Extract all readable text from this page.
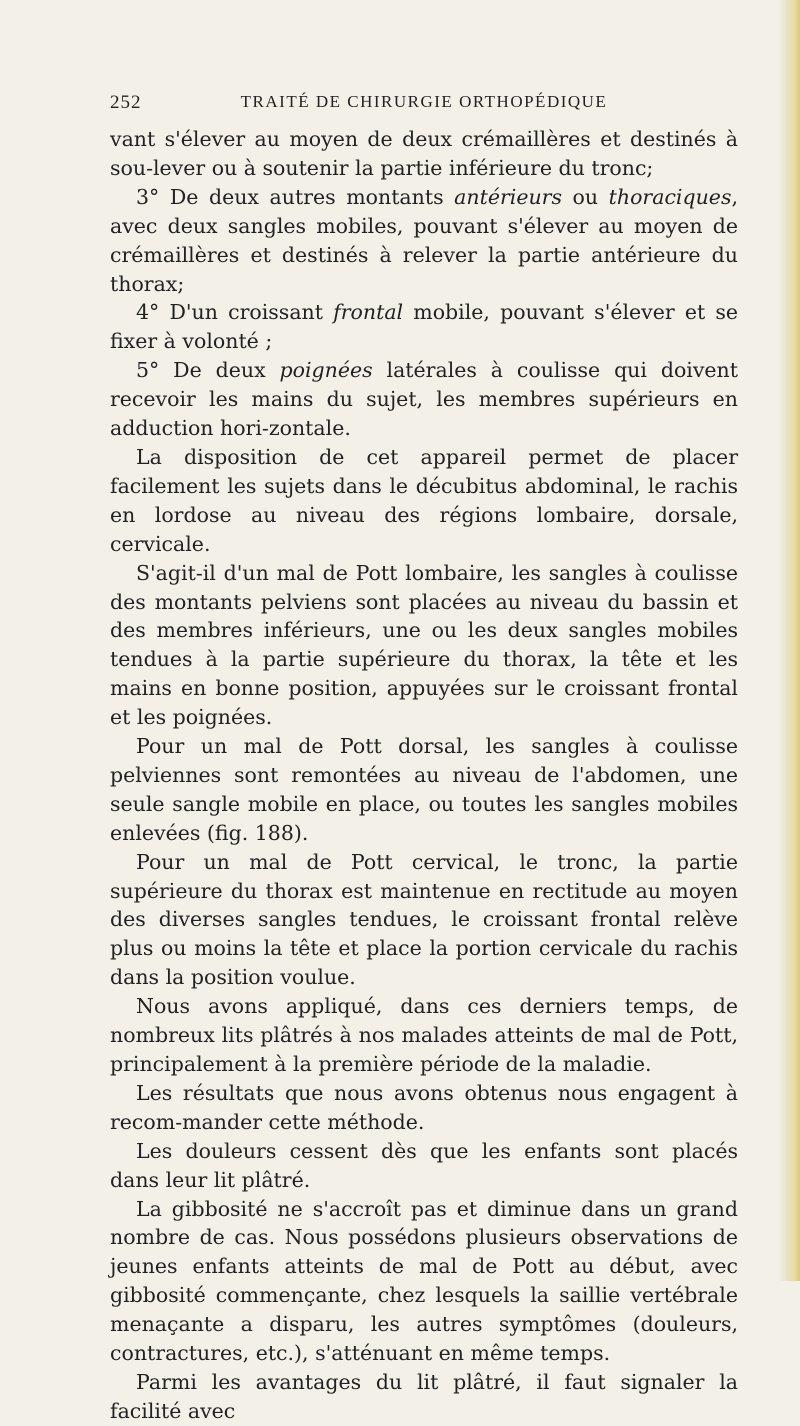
252	TRAITÉ DE CHIRURGIE ORTHOPÉDIQUE

vant s'élever au moyen de deux crémaillères et destinés à sou-lever ou à soutenir la partie inférieure du tronc;

3° De deux autres montants antérieurs ou thoraciques, avec deux sangles mobiles, pouvant s'élever au moyen de crémaillères et destinés à relever la partie antérieure du thorax;

4° D'un croissant frontal mobile, pouvant s'élever et se fixer à volonté ;

5° De deux poignées latérales à coulisse qui doivent recevoir les mains du sujet, les membres supérieurs en adduction hori-zontale.

La disposition de cet appareil permet de placer facilement les sujets dans le décubitus abdominal, le rachis en lordose au niveau des régions lombaire, dorsale, cervicale.

S'agit-il d'un mal de Pott lombaire, les sangles à coulisse des montants pelviens sont placées au niveau du bassin et des membres inférieurs, une ou les deux sangles mobiles tendues à la partie supérieure du thorax, la tête et les mains en bonne position, appuyées sur le croissant frontal et les poignées.

Pour un mal de Pott dorsal, les sangles à coulisse pelviennes sont remontées au niveau de l'abdomen, une seule sangle mobile en place, ou toutes les sangles mobiles enlevées (fig. 188).

Pour un mal de Pott cervical, le tronc, la partie supérieure du thorax est maintenue en rectitude au moyen des diverses sangles tendues, le croissant frontal relève plus ou moins la tête et place la portion cervicale du rachis dans la position voulue.

Nous avons appliqué, dans ces derniers temps, de nombreux lits plâtrés à nos malades atteints de mal de Pott, principalement à la première période de la maladie.

Les résultats que nous avons obtenus nous engagent à recom-mander cette méthode.

Les douleurs cessent dès que les enfants sont placés dans leur lit plâtré.

La gibbosité ne s'accroît pas et diminue dans un grand nombre de cas. Nous possédons plusieurs observations de jeunes enfants atteints de mal de Pott au début, avec gibbosité commençante, chez lesquels la saillie vertébrale menaçante a disparu, les autres symptômes (douleurs, contractures, etc.), s'atténuant en même temps.

Parmi les avantages du lit plâtré, il faut signaler la facilité avec
